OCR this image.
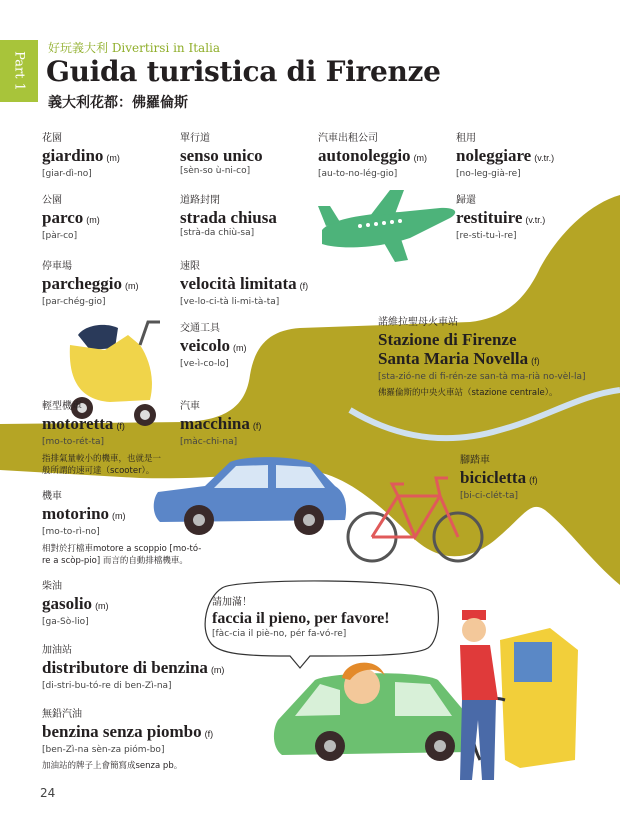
Part 1
好玩義大利 Divertirsi in Italia
Guida turistica di Firenze
義大利花都：佛羅倫斯
花園
giardino (m)
[giar-dì-no]
單行道
senso unico
[sèn-so ù-ni-co]
汽車出租公司
autonoleggio (m)
[au-to-no-lég-gio]
租用
noleggiare (v.tr.)
[no-leg-già-re]
公園
parco (m)
[pàr-co]
道路封閉
strada chiusa
[strà-da chiù-sa]
歸還
restituire (v.tr.)
[re-sti-tu-ì-re]
停車場
parcheggio (m)
[par-chég-gio]
速限
velocità limitata (f)
[ve-lo-ci-tà li-mi-tà-ta]
交通工具
veicolo (m)
[ve-ì-co-lo]
諾維拉聖母火車站
Stazione di Firenze
Santa Maria Novella (f)
[sta-zió-ne di fi-rén-ze san-tà ma-rià no-vèl-la]
佛羅倫斯的中央火車站（stazione centrale）。
輕型機車
motoretta (f)
[mo-to-rét-ta]
指排氣量較小的機車，也就是一
般所謂的速可達（scooter）。
汽車
macchina (f)
[màc-chi-na]
腳踏車
bicicletta (f)
[bi-ci-clét-ta]
機車
motorino (m)
[mo-to-rì-no]
相對於打檔車motore a scoppio [mo-tó-
re a scòp-pio] 而言的自動排檔機車。
柴油
gasolio (m)
[ga-Sò-lio]
加油站
distributore di benzina (m)
[di-stri-bu-tó-re di ben-Zì-na]
無鉛汽油
benzina senza piombo (f)
[ben-Zì-na sèn-za pióm-bo]
加油站的牌子上會簡寫成senza pb。
請加滿！
faccia il pieno, per favore!
[fàc-cia il piè-no, pér fa-vó-re]
24
